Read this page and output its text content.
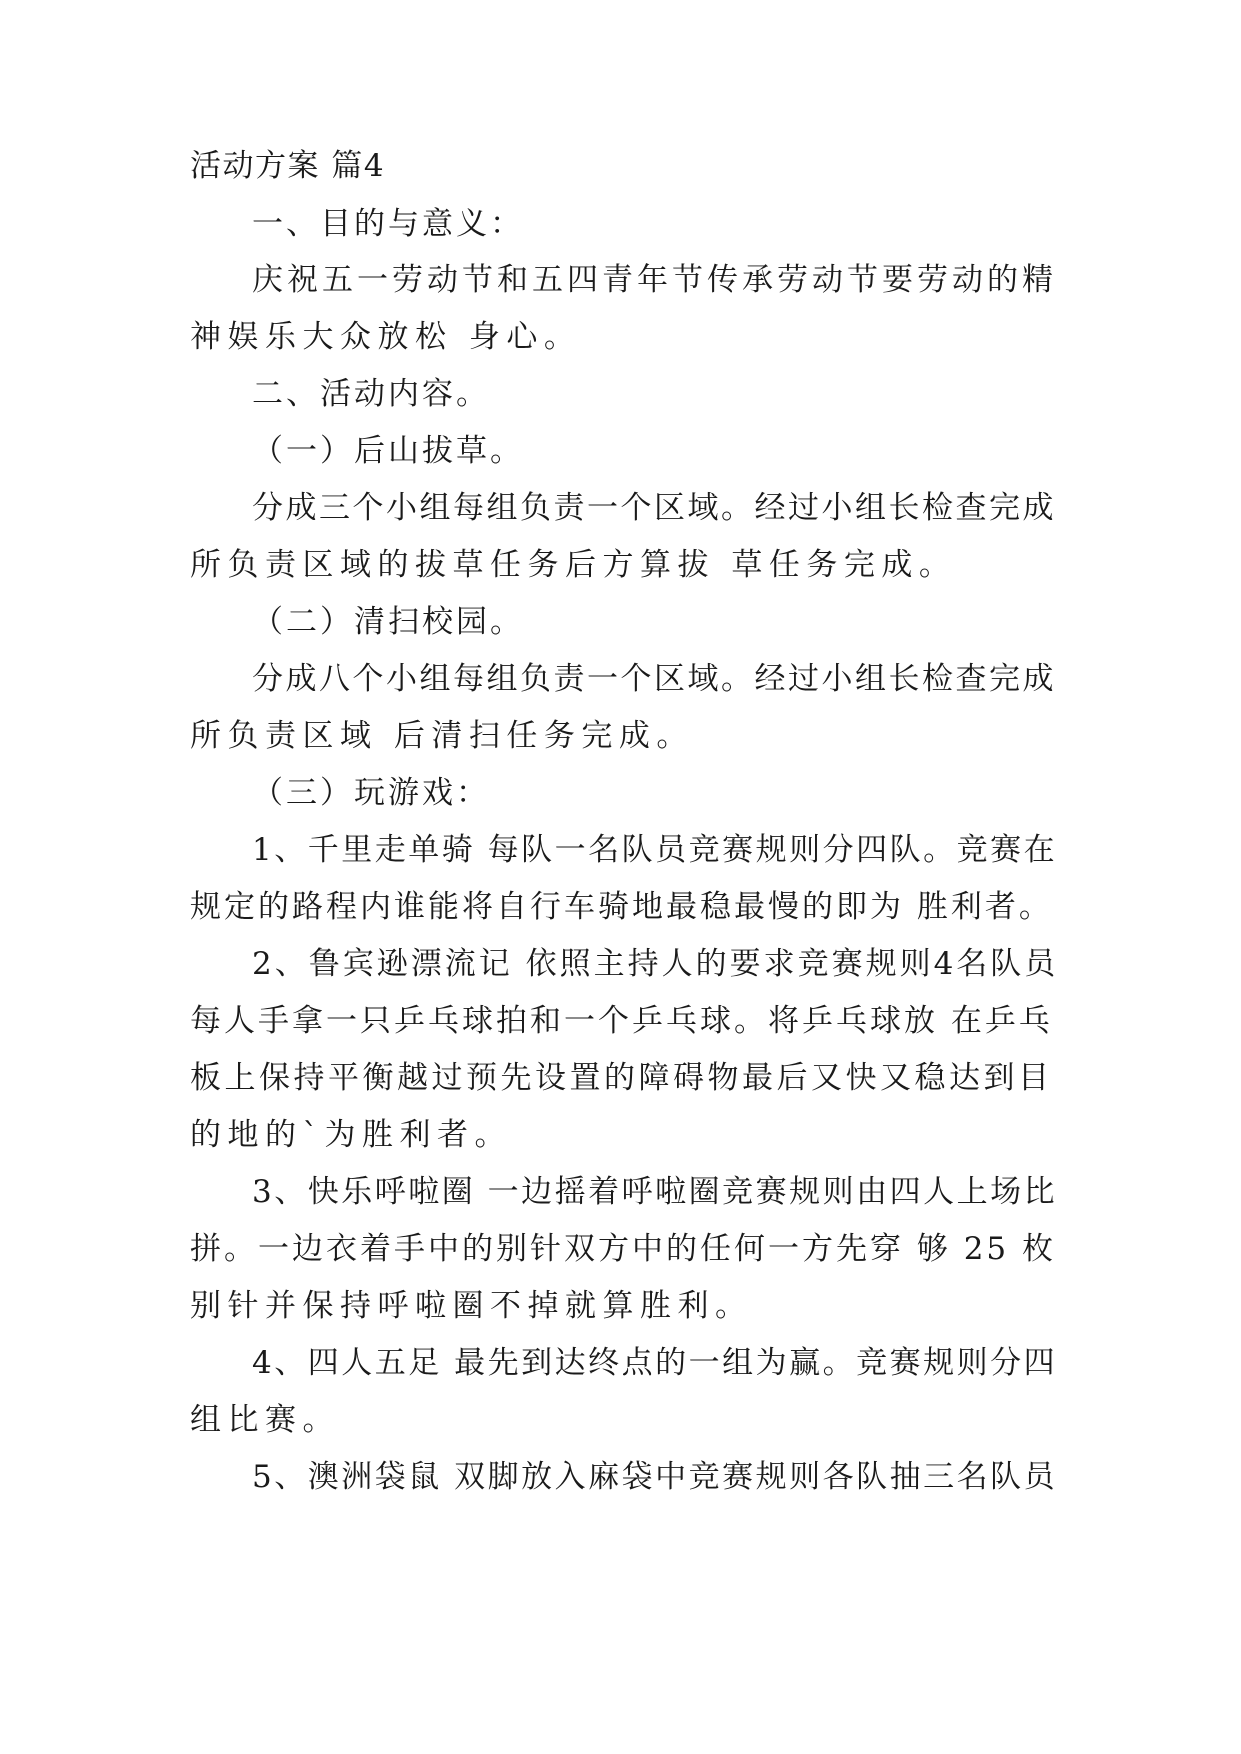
活动方案 篇4
一、目的与意义：
庆祝五一劳动节和五四青年节传承劳动节要劳动的精
神娱乐大众放松 身心。
二、活动内容。
（一）后山拔草。
分成三个小组每组负责一个区域。经过小组长检查完成
所负责区域的拔草任务后方算拔 草任务完成。
（二）清扫校园。
分成八个小组每组负责一个区域。经过小组长检查完成
所负责区域 后清扫任务完成。
（三）玩游戏：
1、千里走单骑 每队一名队员竞赛规则分四队。竞赛在
规定的路程内谁能将自行车骑地最稳最慢的即为 胜利者。
2、鲁宾逊漂流记 依照主持人的要求竞赛规则4名队员
每人手拿一只乒乓球拍和一个乒乓球。将乒乓球放 在乒乓
板上保持平衡越过预先设置的障碍物最后又快又稳达到目
的地的`为胜利者。
3、快乐呼啦圈 一边摇着呼啦圈竞赛规则由四人上场比
拼。一边衣着手中的别针双方中的任何一方先穿 够 25 枚
别针并保持呼啦圈不掉就算胜利。
4、四人五足 最先到达终点的一组为赢。竞赛规则分四
组比赛。
5、澳洲袋鼠 双脚放入麻袋中竞赛规则各队抽三名队员
